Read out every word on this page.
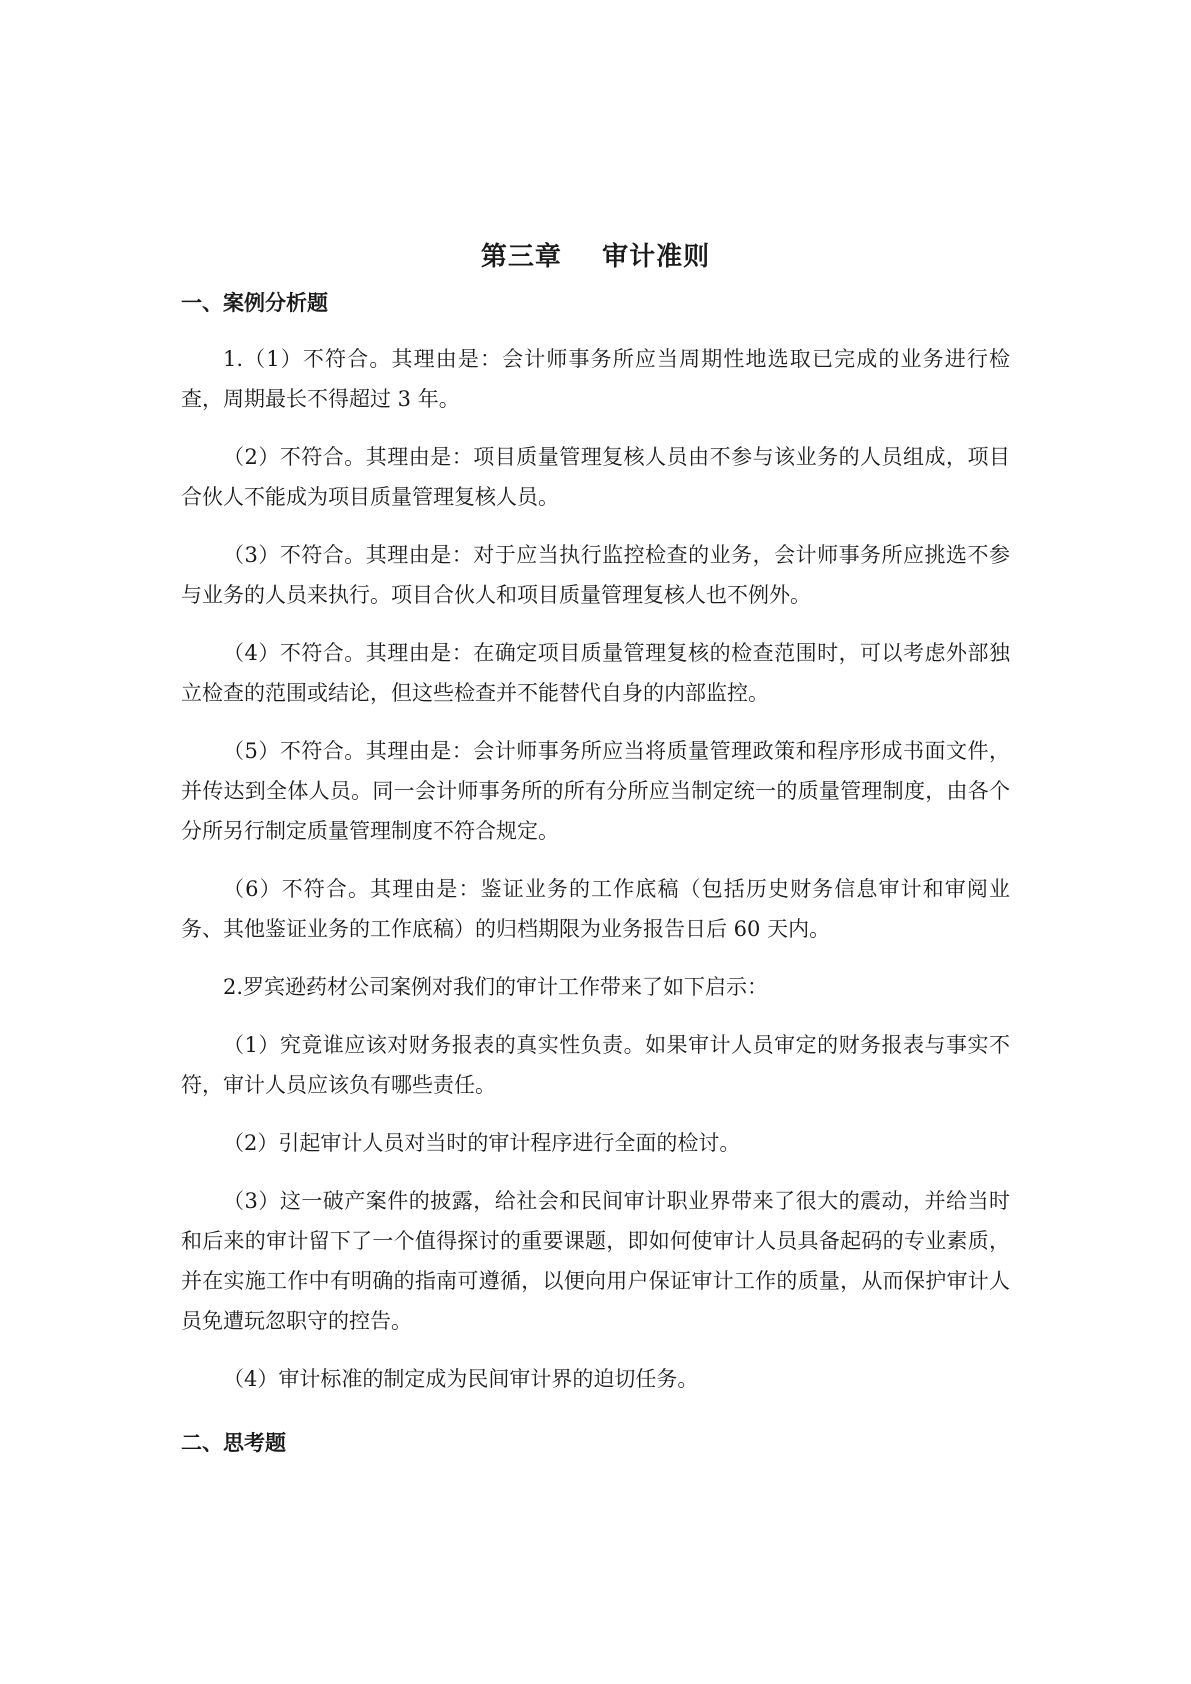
第三章    审计准则
一、案例分析题

1.（1）不符合。其理由是：会计师事务所应当周期性地选取已完成的业务进行检查，周期最长不得超过 3 年。

（2）不符合。其理由是：项目质量管理复核人员由不参与该业务的人员组成，项目合伙人不能成为项目质量管理复核人员。

（3）不符合。其理由是：对于应当执行监控检查的业务，会计师事务所应挑选不参与业务的人员来执行。项目合伙人和项目质量管理复核人也不例外。

（4）不符合。其理由是：在确定项目质量管理复核的检查范围时，可以考虑外部独立检查的范围或结论，但这些检查并不能替代自身的内部监控。

（5）不符合。其理由是：会计师事务所应当将质量管理政策和程序形成书面文件，并传达到全体人员。同一会计师事务所的所有分所应当制定统一的质量管理制度，由各个分所另行制定质量管理制度不符合规定。

（6）不符合。其理由是：鉴证业务的工作底稿（包括历史财务信息审计和审阅业务、其他鉴证业务的工作底稿）的归档期限为业务报告日后 60 天内。

2.罗宾逊药材公司案例对我们的审计工作带来了如下启示：

（1）究竟谁应该对财务报表的真实性负责。如果审计人员审定的财务报表与事实不符，审计人员应该负有哪些责任。

（2）引起审计人员对当时的审计程序进行全面的检讨。

（3）这一破产案件的披露，给社会和民间审计职业界带来了很大的震动，并给当时和后来的审计留下了一个值得探讨的重要课题，即如何使审计人员具备起码的专业素质，并在实施工作中有明确的指南可遵循，以便向用户保证审计工作的质量，从而保护审计人员免遭玩忽职守的控告。

（4）审计标准的制定成为民间审计界的迫切任务。

二、思考题
